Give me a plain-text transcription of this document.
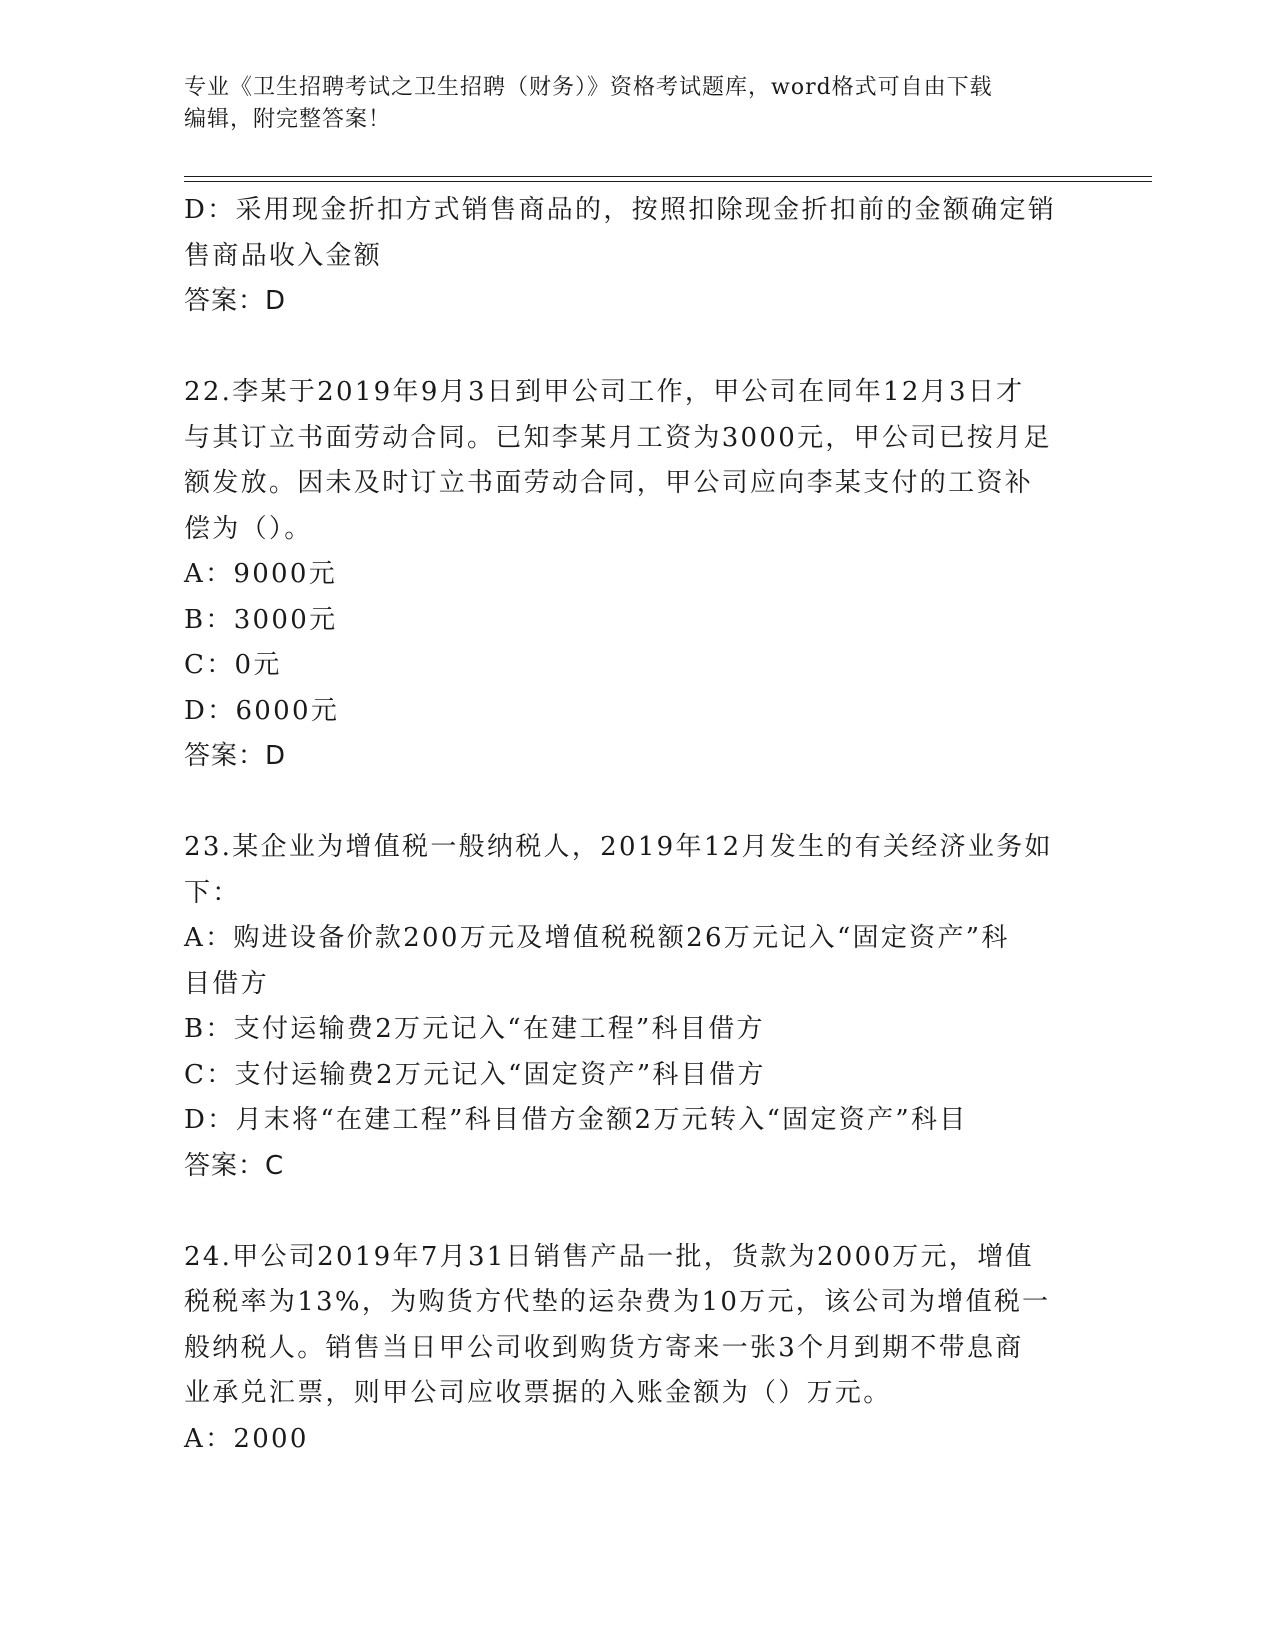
专业《卫生招聘考试之卫生招聘（财务）》资格考试题库，word格式可自由下载
编辑，附完整答案！
D：采用现金折扣方式销售商品的，按照扣除现金折扣前的金额确定销
售商品收入金额
答案：D
22.李某于2019年9月3日到甲公司工作，甲公司在同年12月3日才
与其订立书面劳动合同。已知李某月工资为3000元，甲公司已按月足
额发放。因未及时订立书面劳动合同，甲公司应向李某支付的工资补
偿为（）。
A：9000元
B：3000元
C：0元
D：6000元
答案：D
23.某企业为增值税一般纳税人，2019年12月发生的有关经济业务如
下：
A：购进设备价款200万元及增值税税额26万元记入“固定资产”科
目借方
B：支付运输费2万元记入“在建工程”科目借方
C：支付运输费2万元记入“固定资产”科目借方
D：月末将“在建工程”科目借方金额2万元转入“固定资产”科目
答案：C
24.甲公司2019年7月31日销售产品一批，货款为2000万元，增值
税税率为13%，为购货方代垫的运杂费为10万元，该公司为增值税一
般纳税人。销售当日甲公司收到购货方寄来一张3个月到期不带息商
业承兑汇票，则甲公司应收票据的入账金额为（）万元。
A：2000
